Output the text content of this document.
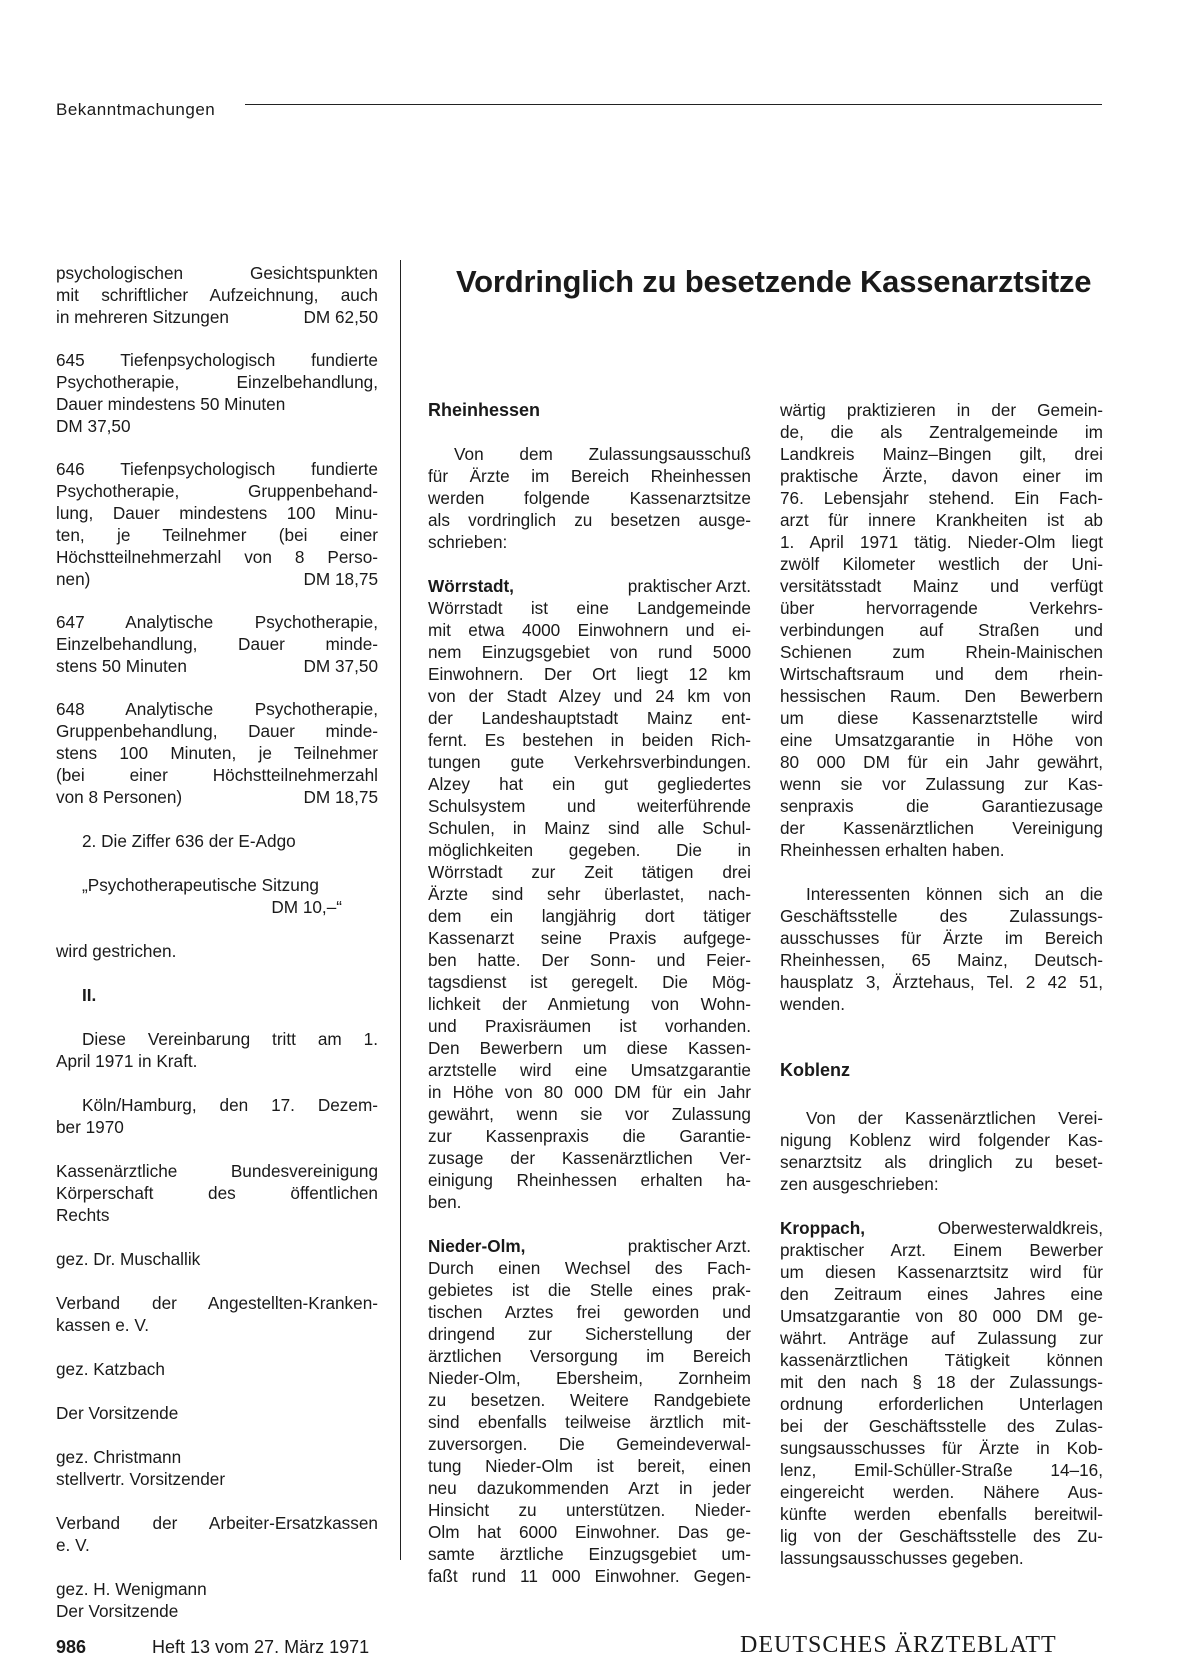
Bekanntmachungen
Vordringlich zu besetzende Kassenarztsitze

psychologischen Gesichtspunkten

mit schriftlicher Aufzeichnung, auch

in mehreren Sitzungen	DM 62,50

645 Tiefenpsychologisch fundierte

Psychotherapie, Einzelbehandlung,

Dauer mindestens 50 Minuten

DM 37,50

646 Tiefenpsychologisch fundierte

Psychotherapie, Gruppenbehand-

lung, Dauer mindestens 100 Minu-

ten, je Teilnehmer (bei einer

Höchstteilnehmerzahl von 8 Perso-

nen)	DM 18,75

647 Analytische Psychotherapie,

Einzelbehandlung, Dauer minde-

stens 50 Minuten	DM 37,50

648 Analytische Psychotherapie,

Gruppenbehandlung, Dauer minde-

stens 100 Minuten, je Teilnehmer

(bei einer Höchstteilnehmerzahl

von 8 Personen)	DM 18,75

2. Die Ziffer 636 der E-Adgo

„Psychotherapeutische Sitzung

DM 10,–“

wird gestrichen.

II.

Diese Vereinbarung tritt am 1.

April 1971 in Kraft.

Köln/Hamburg, den 17. Dezem-

ber 1970

Kassenärztliche Bundesvereinigung

Körperschaft des öffentlichen

Rechts

gez. Dr. Muschallik

Verband der Angestellten-Kranken-

kassen e. V.

gez. Katzbach

Der Vorsitzende

gez. Christmann

stellvertr. Vorsitzender

Verband der Arbeiter-Ersatzkassen

e. V.

gez. H. Wenigmann

Der Vorsitzende

Rheinhessen

Von dem Zulassungsausschuß

für Ärzte im Bereich Rheinhessen

werden folgende Kassenarztsitze

als vordringlich zu besetzen ausge-

schrieben:

Wörrstadt,	praktischer Arzt.

Wörrstadt ist eine Landgemeinde

mit etwa 4000 Einwohnern und ei-

nem Einzugsgebiet von rund 5000

Einwohnern. Der Ort liegt 12 km

von der Stadt Alzey und 24 km von

der Landeshauptstadt Mainz ent-

fernt. Es bestehen in beiden Rich-

tungen gute Verkehrsverbindungen.

Alzey hat ein gut gegliedertes

Schulsystem und weiterführende

Schulen, in Mainz sind alle Schul-

möglichkeiten gegeben. Die in

Wörrstadt zur Zeit tätigen drei

Ärzte sind sehr überlastet, nach-

dem ein langjährig dort tätiger

Kassenarzt seine Praxis aufgege-

ben hatte. Der Sonn- und Feier-

tagsdienst ist geregelt. Die Mög-

lichkeit der Anmietung von Wohn-

und Praxisräumen ist vorhanden.

Den Bewerbern um diese Kassen-

arztstelle wird eine Umsatzgarantie

in Höhe von 80 000 DM für ein Jahr

gewährt, wenn sie vor Zulassung

zur Kassenpraxis die Garantie-

zusage der Kassenärztlichen Ver-

einigung Rheinhessen erhalten ha-

ben.

Nieder-Olm,	praktischer Arzt.

Durch einen Wechsel des Fach-

gebietes ist die Stelle eines prak-

tischen Arztes frei geworden und

dringend zur Sicherstellung der

ärztlichen Versorgung im Bereich

Nieder-Olm, Ebersheim, Zornheim

zu besetzen. Weitere Randgebiete

sind ebenfalls teilweise ärztlich mit-

zuversorgen. Die Gemeindeverwal-

tung Nieder-Olm ist bereit, einen

neu dazukommenden Arzt in jeder

Hinsicht zu unterstützen. Nieder-

Olm hat 6000 Einwohner. Das ge-

samte ärztliche Einzugsgebiet um-

faßt rund 11 000 Einwohner. Gegen-

wärtig praktizieren in der Gemein-

de, die als Zentralgemeinde im

Landkreis Mainz–Bingen gilt, drei

praktische Ärzte, davon einer im

76. Lebensjahr stehend. Ein Fach-

arzt für innere Krankheiten ist ab

1. April 1971 tätig. Nieder-Olm liegt

zwölf Kilometer westlich der Uni-

versitätsstadt Mainz und verfügt

über hervorragende Verkehrs-

verbindungen auf Straßen und

Schienen zum Rhein-Mainischen

Wirtschaftsraum und dem rhein-

hessischen Raum. Den Bewerbern

um diese Kassenarztstelle wird

eine Umsatzgarantie in Höhe von

80 000 DM für ein Jahr gewährt,

wenn sie vor Zulassung zur Kas-

senpraxis die Garantiezusage

der Kassenärztlichen Vereinigung

Rheinhessen erhalten haben.

Interessenten können sich an die

Geschäftsstelle des Zulassungs-

ausschusses für Ärzte im Bereich

Rheinhessen, 65 Mainz, Deutsch-

hausplatz 3, Ärztehaus, Tel. 2 42 51,

wenden.

Koblenz

Von der Kassenärztlichen Verei-

nigung Koblenz wird folgender Kas-

senarztsitz als dringlich zu beset-

zen ausgeschrieben:

Kroppach,	Oberwesterwaldkreis,

praktischer Arzt. Einem Bewerber

um diesen Kassenarztsitz wird für

den Zeitraum eines Jahres eine

Umsatzgarantie von 80 000 DM ge-

währt. Anträge auf Zulassung zur

kassenärztlichen Tätigkeit können

mit den nach § 18 der Zulassungs-

ordnung erforderlichen Unterlagen

bei der Geschäftsstelle des Zulas-

sungsausschusses für Ärzte in Kob-

lenz, Emil-Schüller-Straße 14–16,

eingereicht werden. Nähere Aus-

künfte werden ebenfalls bereitwil-

lig von der Geschäftsstelle des Zu-

lassungsausschusses gegeben.

986	Heft 13 vom 27. März 1971	DEUTSCHES ÄRZTEBLATT
